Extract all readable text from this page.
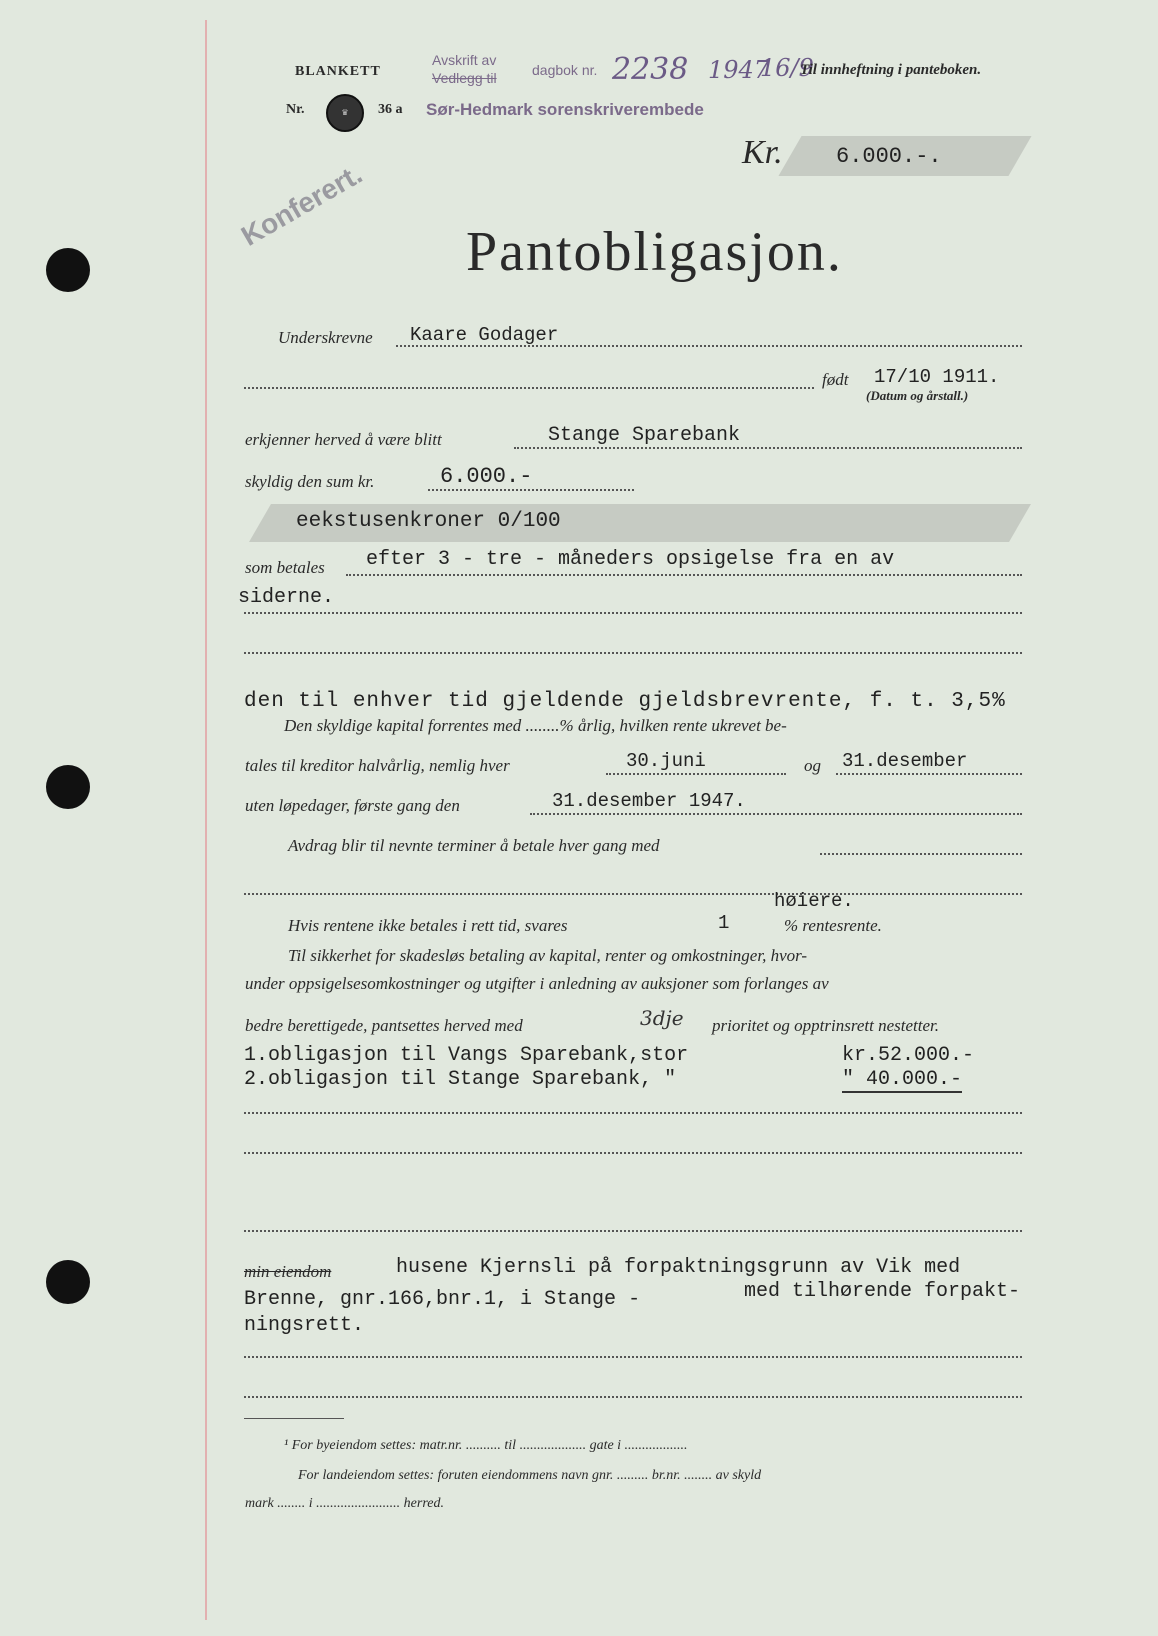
BLANKETT
Avskrift av
Vedlegg til	dagbok nr. 2238 1947
16/9
Til innheftning i panteboken.
Nr.	♛	36 a Sør-Hedmark sorenskriverembede
Kr. 6.000.-.
Konferert.
Pantobligasjon.
Underskrevne Kaare Godager
født 17/10 1911.
(Datum og årstall.)
erkjenner herved å være blitt	Stange Sparebank
skyldig den sum kr.	6.000.-
eekstusenkroner 0/100
som betales efter 3 - tre - måneders opsigelse fra en av
siderne.
den til enhver tid gjeldende gjeldsbrevrente, f. t. 3,5%
Den skyldige kapital forrentes med ........% årlig, hvilken rente ukrevet be-
tales til kreditor halvårlig, nemlig hver	30.juni	og 31.desember
uten løpedager, første gang den	31.desember 1947.
Avdrag blir til nevnte terminer å betale hver gang med
høiere.
Hvis rentene ikke betales i rett tid, svares	1	% rentesrente.
Til sikkerhet for skadesløs betaling av kapital, renter og omkostninger, hvor-
under oppsigelsesomkostninger og utgifter i anledning av auksjoner som forlanges av
bedre berettigede, pantsettes herved med	3dje prioritet og opptrinsrett nestetter.
1.obligasjon til Vangs Sparebank,stor	kr.52.000.-
2.obligasjon til Stange Sparebank, "	" 40.000.-
min eiendom	husene Kjernsli på forpaktningsgrunn av Vik med
Brenne, gnr.166,bnr.1, i Stange -	med tilhørende forpakt-
ningsrett.
¹ For byeiendom settes: matr.nr. .......... til ................... gate i ..................
For landeiendom settes: foruten eiendommens navn gnr. ......... br.nr. ........ av skyld
mark ........ i ........................ herred.
